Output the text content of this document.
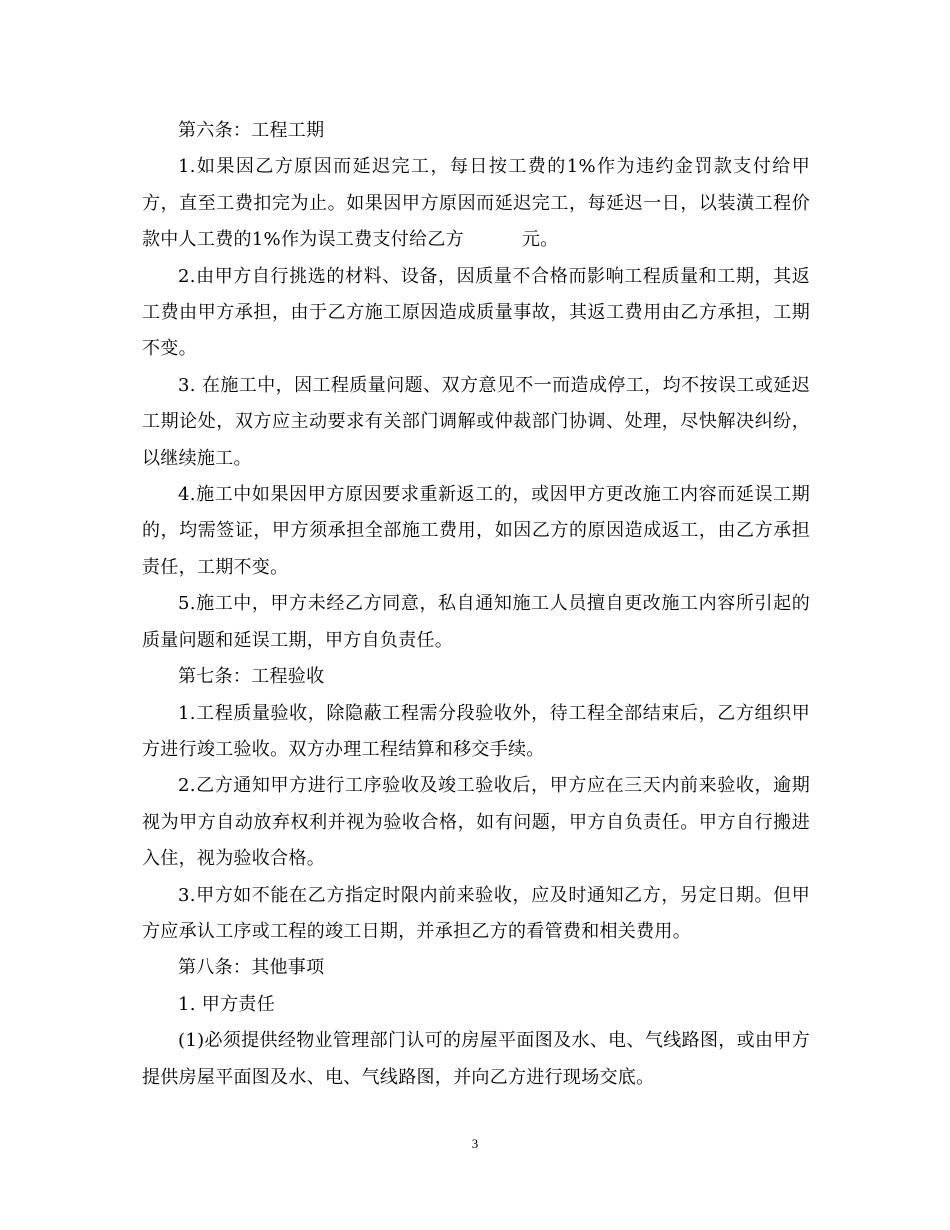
第六条：工程工期

1.如果因乙方原因而延迟完工，每日按工费的1%作为违约金罚款支付给甲方，直至工费扣完为止。如果因甲方原因而延迟完工，每延迟一日，以装潢工程价款中人工费的1%作为误工费支付给乙方	元。

2.由甲方自行挑选的材料、设备，因质量不合格而影响工程质量和工期，其返工费由甲方承担，由于乙方施工原因造成质量事故，其返工费用由乙方承担，工期不变。

3. 在施工中，因工程质量问题、双方意见不一而造成停工，均不按误工或延迟工期论处，双方应主动要求有关部门调解或仲裁部门协调、处理，尽快解决纠纷，以继续施工。

4.施工中如果因甲方原因要求重新返工的，或因甲方更改施工内容而延误工期的，均需签证，甲方须承担全部施工费用，如因乙方的原因造成返工，由乙方承担责任，工期不变。

5.施工中，甲方未经乙方同意，私自通知施工人员擅自更改施工内容所引起的质量问题和延误工期，甲方自负责任。

第七条：工程验收

1.工程质量验收，除隐蔽工程需分段验收外，待工程全部结束后，乙方组织甲方进行竣工验收。双方办理工程结算和移交手续。

2.乙方通知甲方进行工序验收及竣工验收后，甲方应在三天内前来验收，逾期视为甲方自动放弃权利并视为验收合格，如有问题，甲方自负责任。甲方自行搬进入住，视为验收合格。

3.甲方如不能在乙方指定时限内前来验收，应及时通知乙方，另定日期。但甲方应承认工序或工程的竣工日期，并承担乙方的看管费和相关费用。

第八条：其他事项

1. 甲方责任

(1)必须提供经物业管理部门认可的房屋平面图及水、电、气线路图，或由甲方提供房屋平面图及水、电、气线路图，并向乙方进行现场交底。

3
